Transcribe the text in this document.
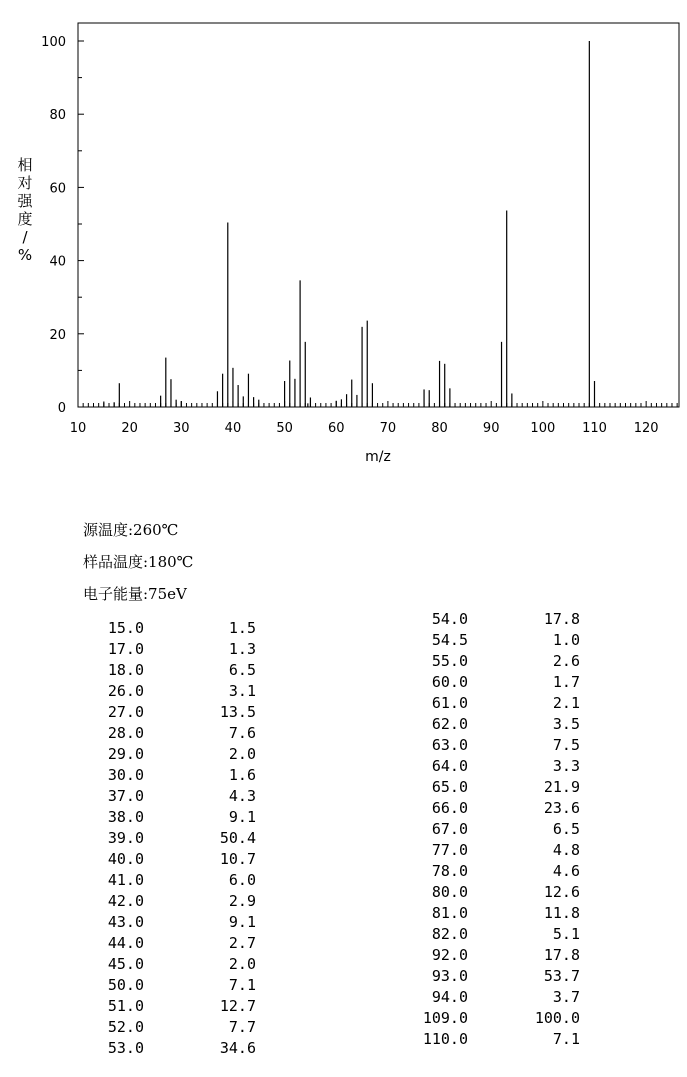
10	20	30	40	50	60	70	80	90 100 110 120
0
20
40
60
80
100
m/z
相
对
强
度
/
%
源温度:260℃
样品温度:180℃
电子能量:75eV
15.0	1.5
17.0	1.3
18.0	6.5
26.0	3.1
27.0	13.5
28.0	7.6
29.0	2.0
30.0	1.6
37.0	4.3
38.0	9.1
39.0	50.4
40.0	10.7
41.0	6.0
42.0	2.9
43.0	9.1
44.0	2.7
45.0	2.0
50.0	7.1
51.0	12.7
52.0	7.7
53.0	34.6
54.0	17.8
54.5	1.0
55.0	2.6
60.0	1.7
61.0	2.1
62.0	3.5
63.0	7.5
64.0	3.3
65.0	21.9
66.0	23.6
67.0	6.5
77.0	4.8
78.0	4.6
80.0	12.6
81.0	11.8
82.0	5.1
92.0	17.8
93.0	53.7
94.0	3.7
109.0	100.0
110.0	7.1
